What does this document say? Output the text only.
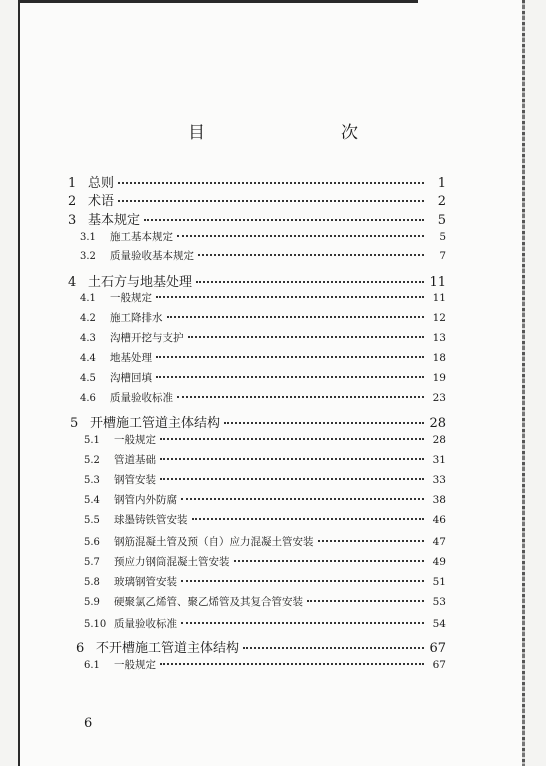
目　　次
1 总则	1
2 术语	2
3 基本规定	5
3.1	施工基本规定	5
3.2	质量验收基本规定	7
4 土石方与地基处理	11
4.1	一般规定	11
4.2	施工降排水	12
4.3	沟槽开挖与支护	13
4.4	地基处理	18
4.5	沟槽回填	19
4.6	质量验收标准	23
5 开槽施工管道主体结构	28
5.1	一般规定	28
5.2	管道基础	31
5.3	钢管安装	33
5.4	钢管内外防腐	38
5.5	球墨铸铁管安装	46
5.6	钢筋混凝土管及预（自）应力混凝土管安装	47
5.7	预应力钢筒混凝土管安装	49
5.8	玻璃钢管安装	51
5.9	硬聚氯乙烯管、聚乙烯管及其复合管安装	53
5.10 质量验收标准	54
6 不开槽施工管道主体结构	67
6.1	一般规定	67
6
